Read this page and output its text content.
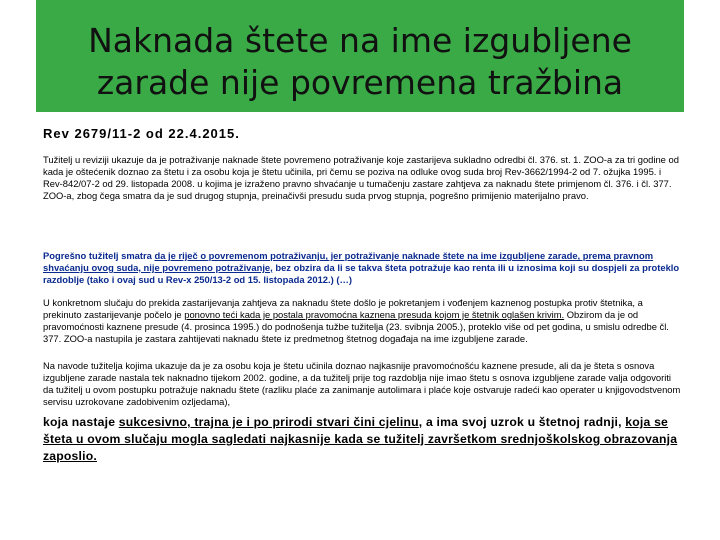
Naknada štete na ime izgubljene
zarade nije povremena tražbina
Rev 2679/11-2 od 22.4.2015.

Tužitelj u reviziji ukazuje da je potraživanje naknade štete povremeno potraživanje koje zastarijeva sukladno odredbi čl. 376. st. 1. ZOO-a za tri godine od kada je oštećenik doznao za štetu i za osobu koja je štetu učinila, pri čemu se poziva na odluke ovog suda broj Rev-3662/1994-2 od 7. ožujka 1995. i Rev-842/07-2 od 29. listopada 2008. u kojima je izraženo pravno shvaćanje u tumačenju zastare zahtjeva za naknadu štete primjenom čl. 376. i čl. 377. ZOO-a, zbog čega smatra da je sud drugog stupnja, preinačivši presudu suda prvog stupnja, pogrešno primijenio materijalno pravo.

Pogrešno tužitelj smatra da je riječ o povremenom potraživanju, jer potraživanje naknade štete na ime izgubljene zarade, prema pravnom shvaćanju ovog suda, nije povremeno potraživanje, bez obzira da li se takva šteta potražuje kao renta ili u iznosima koji su dospjeli za proteklo razdoblje (tako i ovaj sud u Rev-x 250/13-2 od 15. listopada 2012.) (…)

U konkretnom slučaju do prekida zastarijevanja zahtjeva za naknadu štete došlo je pokretanjem i vođenjem kaznenog postupka protiv štetnika, a prekinuto zastarijevanje počelo je ponovno teći kada je postala pravomoćna kaznena presuda kojom je štetnik oglašen krivim. Obzirom da je od pravomoćnosti kaznene presude (4. prosinca 1995.) do podnošenja tužbe tužitelja (23. svibnja 2005.), proteklo više od pet godina, u smislu odredbe čl. 377. ZOO-a nastupila je zastara zahtijevati naknadu štete iz predmetnog štetnog događaja na ime izgubljene zarade.

Na navode tužitelja kojima ukazuje da je za osobu koja je štetu učinila doznao najkasnije pravomoćnošću kaznene presude, ali da je šteta s osnova izgubljene zarade nastala tek naknadno tijekom 2002. godine, a da tužitelj prije tog razdoblja nije imao štetu s osnova izgubljene zarade valja odgovoriti da tužitelj u ovom postupku potražuje naknadu štete (razliku plaće za zanimanje autolimara i plaće koje ostvaruje radeći kao operater u knjigovodstvenom servisu uzrokovane zadobivenim ozljedama),

koja nastaje sukcesivno, trajna je i po prirodi stvari čini cjelinu, a ima svoj uzrok u štetnoj radnji, koja se šteta u ovom slučaju mogla sagledati najkasnije kada se tužitelj završetkom srednjoškolskog obrazovanja zaposlio.
